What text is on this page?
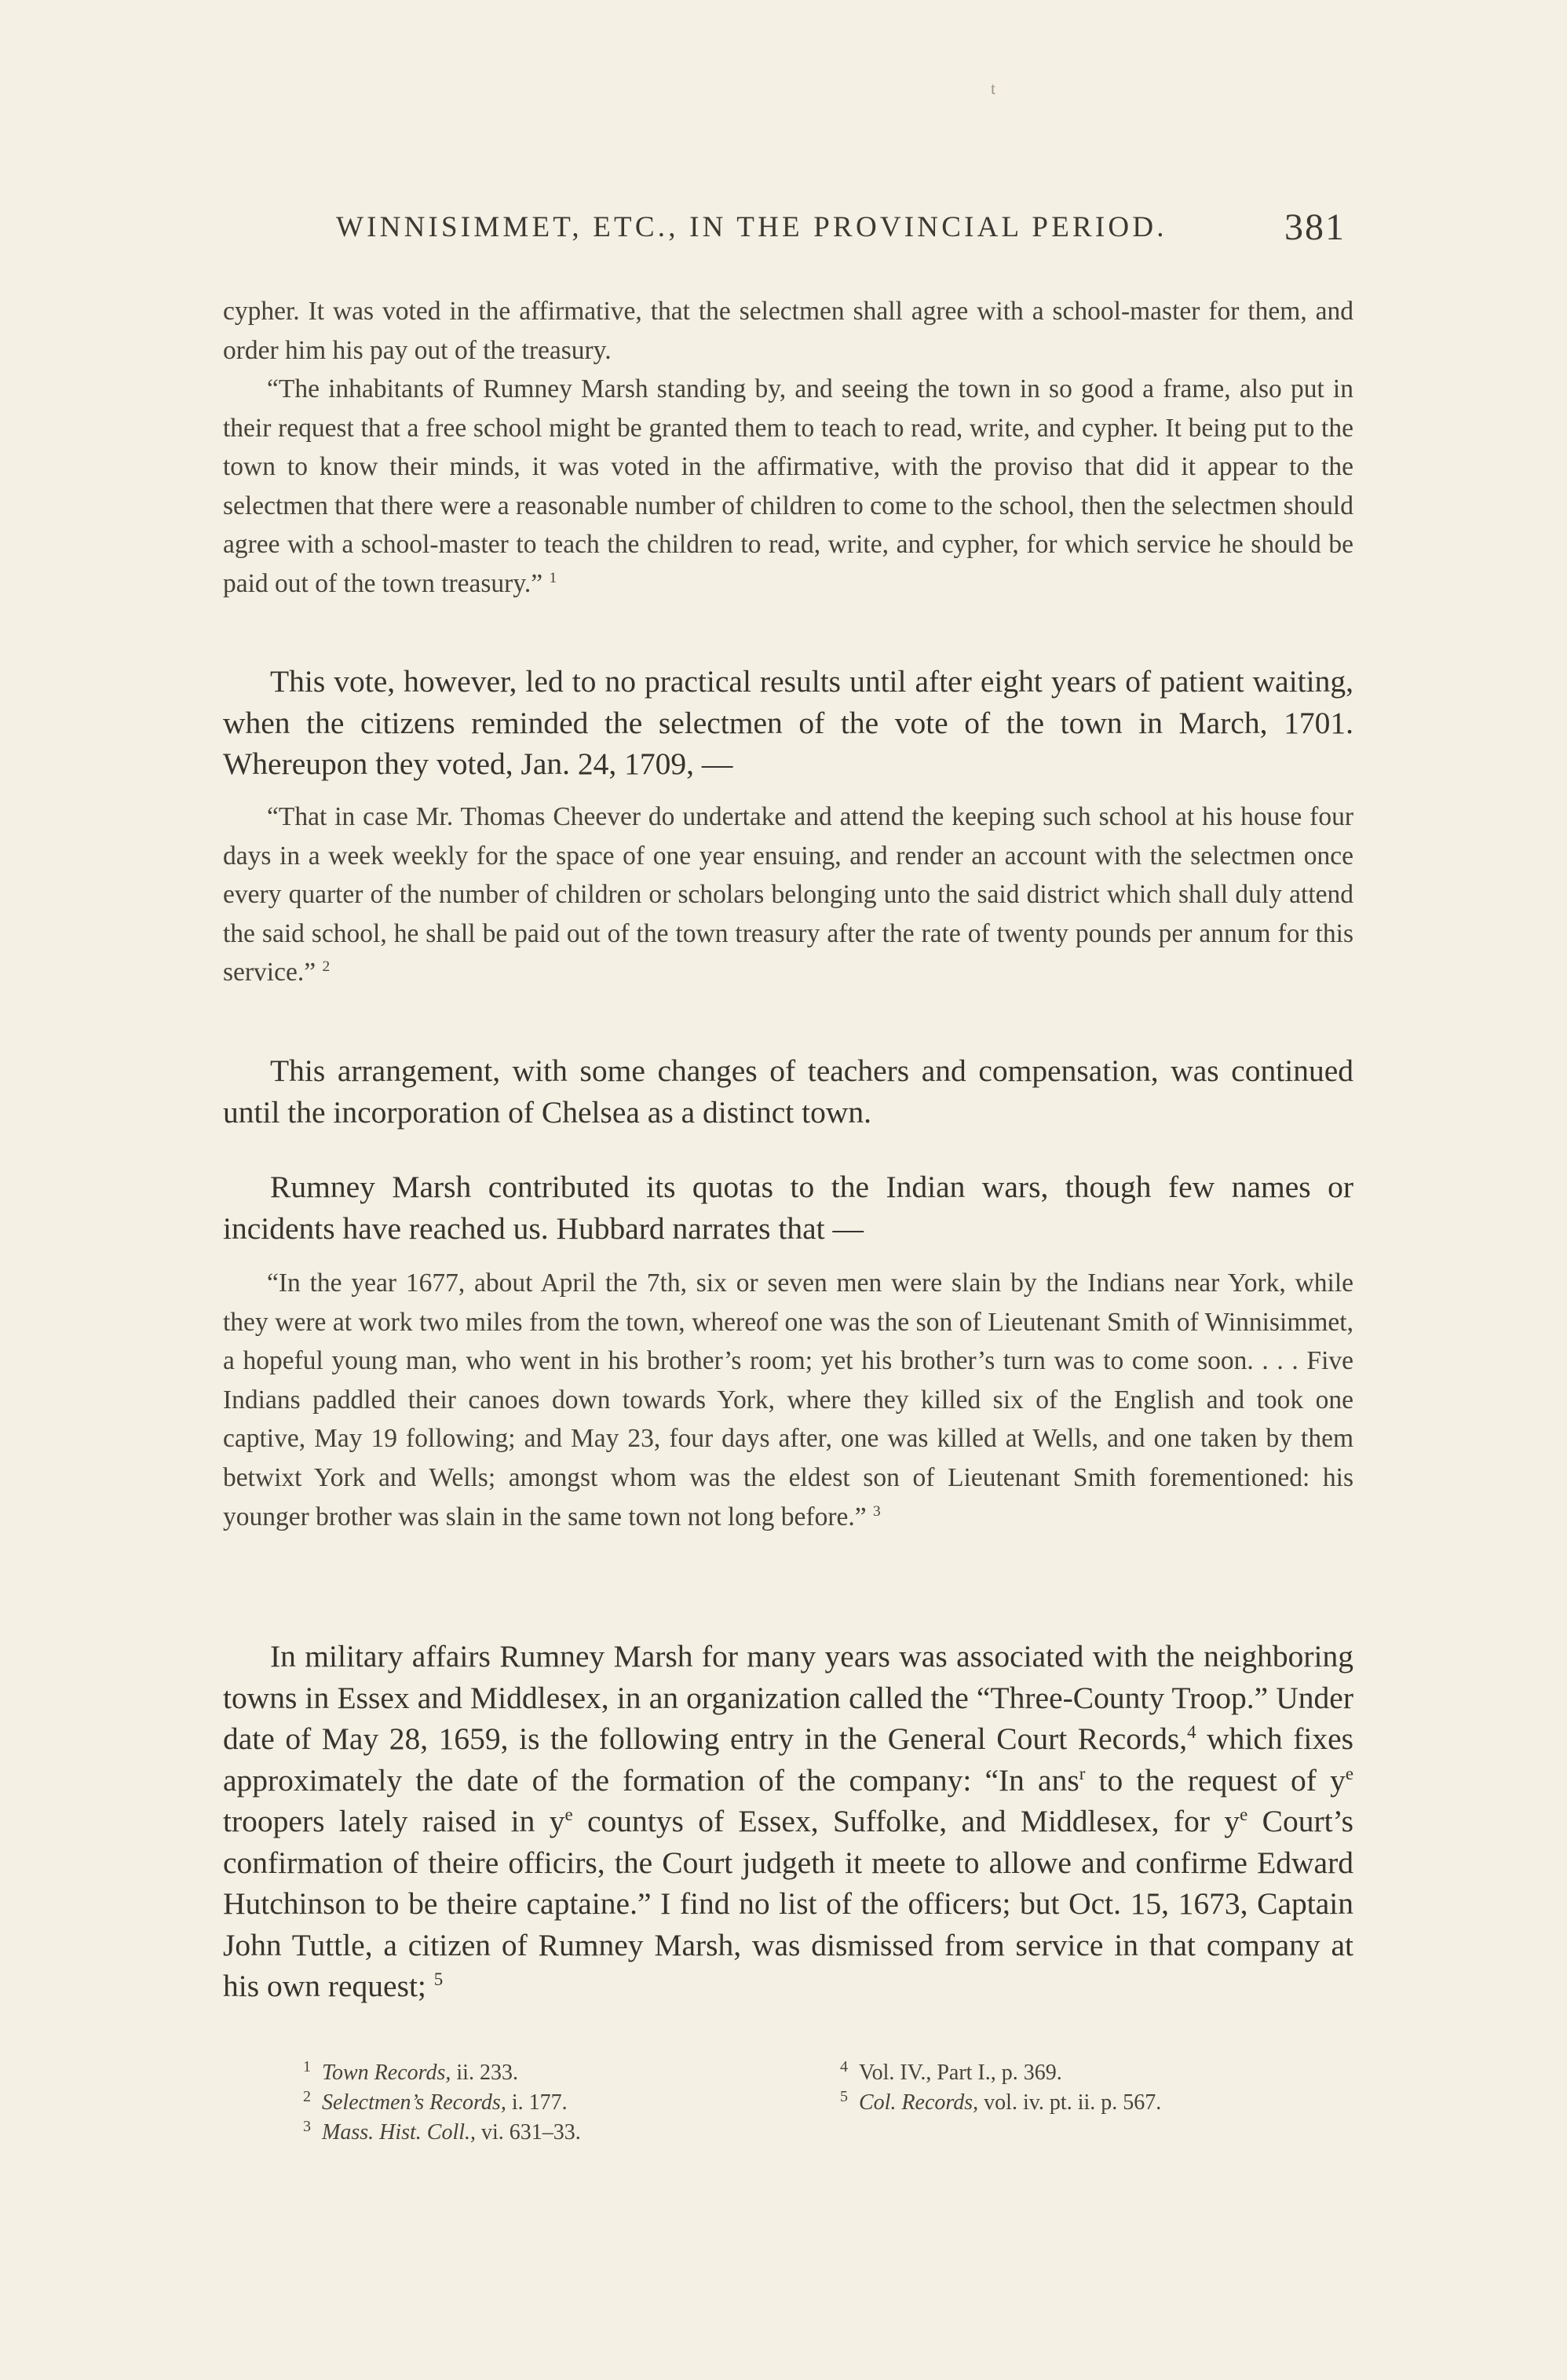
t
WINNISIMMET, ETC., IN THE PROVINCIAL PERIOD.	381

cypher. It was voted in the affirmative, that the selectmen shall agree with a school-master for them, and order him his pay out of the treasury.

“The inhabitants of Rumney Marsh standing by, and seeing the town in so good a frame, also put in their request that a free school might be granted them to teach to read, write, and cypher. It being put to the town to know their minds, it was voted in the affirmative, with the proviso that did it appear to the selectmen that there were a reasonable number of children to come to the school, then the selectmen should agree with a school-master to teach the children to read, write, and cypher, for which service he should be paid out of the town treasury.” $^1$

This vote, however, led to no practical results until after eight years of patient waiting, when the citizens reminded the selectmen of the vote of the town in March, 1701. Whereupon they voted, Jan. 24, 1709, —

“That in case Mr. Thomas Cheever do undertake and attend the keeping such school at his house four days in a week weekly for the space of one year ensuing, and render an account with the selectmen once every quarter of the number of children or scholars belonging unto the said district which shall duly attend the said school, he shall be paid out of the town treasury after the rate of twenty pounds per annum for this service.” $^2$

This arrangement, with some changes of teachers and compensation, was continued until the incorporation of Chelsea as a distinct town.

Rumney Marsh contributed its quotas to the Indian wars, though few names or incidents have reached us. Hubbard narrates that —

“In the year 1677, about April the 7th, six or seven men were slain by the Indians near York, while they were at work two miles from the town, whereof one was the son of Lieutenant Smith of Winnisimmet, a hopeful young man, who went in his brother’s room; yet his brother’s turn was to come soon. . . . Five Indians paddled their canoes down towards York, where they killed six of the English and took one captive, May 19 following; and May 23, four days after, one was killed at Wells, and one taken by them betwixt York and Wells; amongst whom was the eldest son of Lieutenant Smith forementioned: his younger brother was slain in the same town not long before.” $^3$

In military affairs Rumney Marsh for many years was associated with the neighboring towns in Essex and Middlesex, in an organization called the “Three-County Troop.” Under date of May 28, 1659, is the following entry in the General Court Records,$^4$ which fixes approximately the date of the formation of the company: “In ans$^r$ to the request of $y^e$ troopers lately raised in $y^e$ countys of Essex, Suffolke, and Middlesex, for $y^e$ Court’s confirmation of theire officirs, the Court judgeth it meete to allowe and confirme Edward Hutchinson to be theire captaine.” I find no list of the officers; but Oct. 15, 1673, Captain John Tuttle, a citizen of Rumney Marsh, was dismissed from service in that company at his own request; $^5$

$^1$ Town Records, ii. 233.
$^2$ Selectmen’s Records, i. 177.
$^3$ Mass. Hist. Coll., vi. 631–33.
$^4$ Vol. IV., Part I., p. 369.
$^5$ Col. Records, vol. iv. pt. ii. p. 567.
